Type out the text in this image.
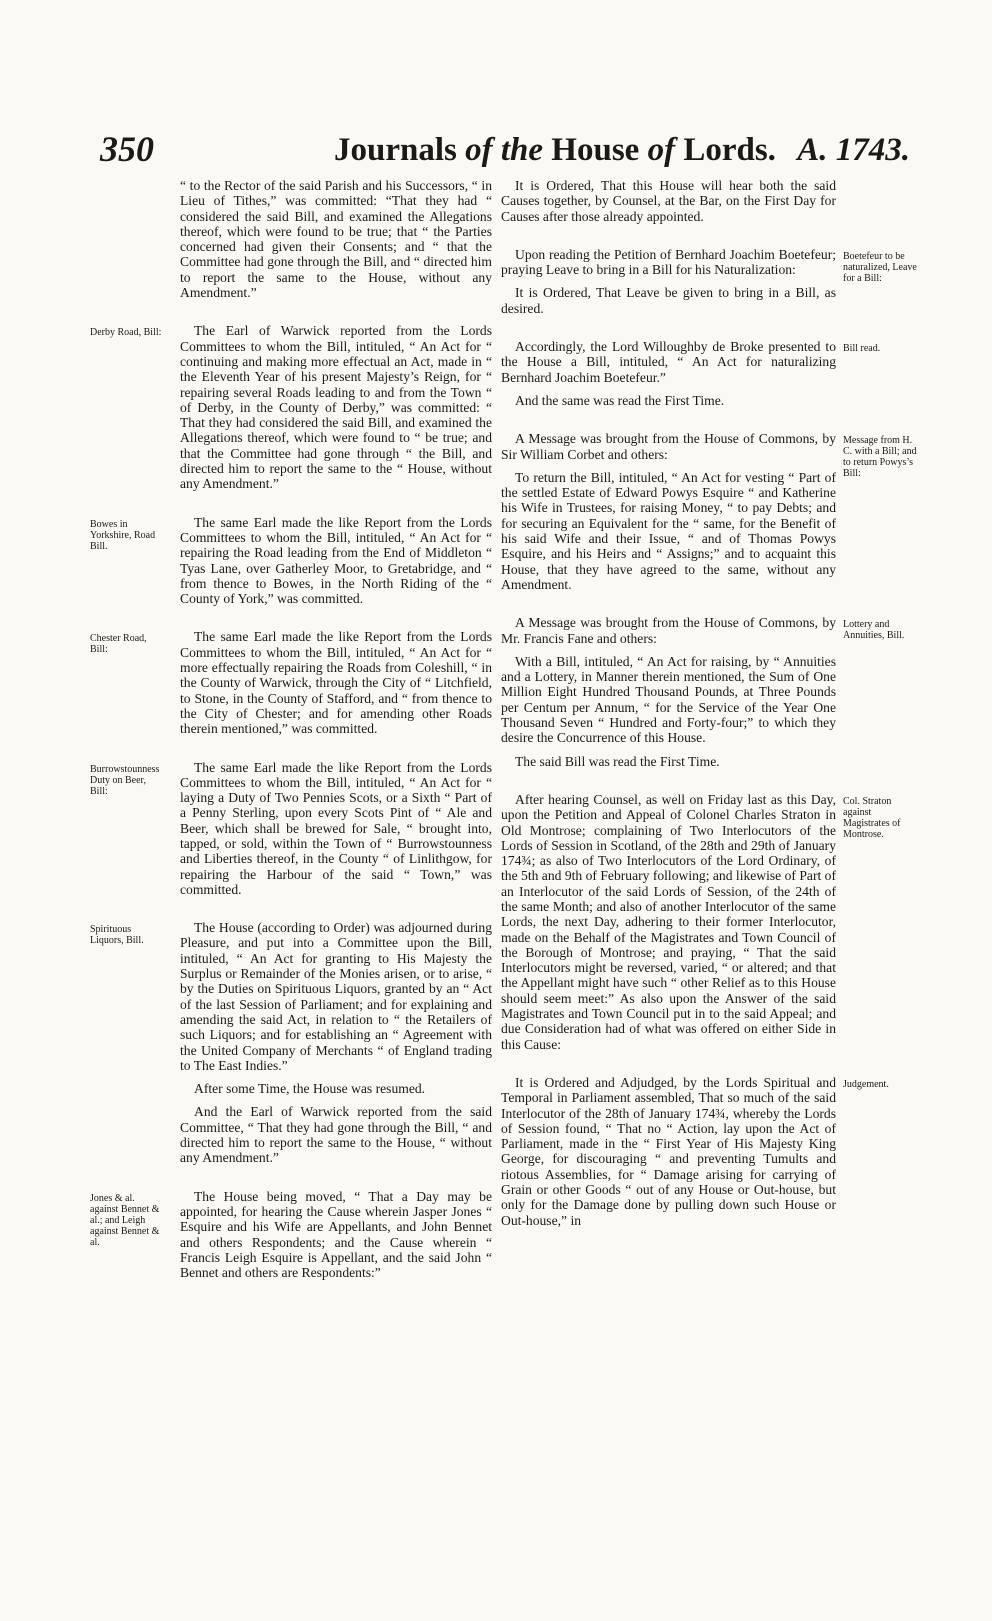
350	Journals of the House of Lords. A. 1743.

“ to the Rector of the said Parish and his Successors, “ in Lieu of Tithes,” was committed: “That they had “ considered the said Bill, and examined the Allegations thereof, which were found to be true; that “ the Parties concerned had given their Consents; and “ that the Committee had gone through the Bill, and “ directed him to report the same to the House, without any Amendment.”

Derby Road, Bill:	The Earl of Warwick reported from the Lords Committees to whom the Bill, intituled, “ An Act for “ continuing and making more effectual an Act, made in “ the Eleventh Year of his present Majesty’s Reign, for “ repairing several Roads leading to and from the Town “ of Derby, in the County of Derby,” was committed: “ That they had considered the said Bill, and examined the Allegations thereof, which were found to “ be true; and that the Committee had gone through “ the Bill, and directed him to report the same to the “ House, without any Amendment.”

Bowes in Yorkshire, Road Bill.

The same Earl made the like Report from the Lords Committees to whom the Bill, intituled, “ An Act for “ repairing the Road leading from the End of Middleton “ Tyas Lane, over Gatherley Moor, to Gretabridge, and “ from thence to Bowes, in the North Riding of the “ County of York,” was committed.

Chester Road, Bill:

The same Earl made the like Report from the Lords Committees to whom the Bill, intituled, “ An Act for “ more effectually repairing the Roads from Coleshill, “ in the County of Warwick, through the City of “ Litchfield, to Stone, in the County of Stafford, and “ from thence to the City of Chester; and for amending other Roads therein mentioned,” was committed.

Burrowstounness Duty on Beer, Bill:

The same Earl made the like Report from the Lords Committees to whom the Bill, intituled, “ An Act for “ laying a Duty of Two Pennies Scots, or a Sixth “ Part of a Penny Sterling, upon every Scots Pint of “ Ale and Beer, which shall be brewed for Sale, “ brought into, tapped, or sold, within the Town of “ Burrowstounness and Liberties thereof, in the County “ of Linlithgow, for repairing the Harbour of the said “ Town,” was committed.

Spirituous Liquors, Bill.

The House (according to Order) was adjourned during Pleasure, and put into a Committee upon the Bill, intituled, “ An Act for granting to His Majesty the Surplus or Remainder of the Monies arisen, or to arise, “ by the Duties on Spirituous Liquors, granted by an “ Act of the last Session of Parliament; and for explaining and amending the said Act, in relation to “ the Retailers of such Liquors; and for establishing an “ Agreement with the United Company of Merchants “ of England trading to The East Indies.”

After some Time, the House was resumed.

And the Earl of Warwick reported from the said Committee, “ That they had gone through the Bill, “ and directed him to report the same to the House, “ without any Amendment.”

Jones & al. against Bennet & al.; and Leigh against Bennet & al.

The House being moved, “ That a Day may be appointed, for hearing the Cause wherein Jasper Jones “ Esquire and his Wife are Appellants, and John Bennet and others Respondents; and the Cause wherein “ Francis Leigh Esquire is Appellant, and the said John “ Bennet and others are Respondents:”

It is Ordered, That this House will hear both the said Causes together, by Counsel, at the Bar, on the First Day for Causes after those already appointed.

Boetefeur to be naturalized, Leave for a Bill:

Upon reading the Petition of Bernhard Joachim Boetefeur; praying Leave to bring in a Bill for his Naturalization:

It is Ordered, That Leave be given to bring in a Bill, as desired.

Bill read.

Accordingly, the Lord Willoughby de Broke presented to the House a Bill, intituled, “ An Act for naturalizing Bernhard Joachim Boetefeur.”

And the same was read the First Time.

Message from H. C. with a Bill; and to return Powys’s Bill:

A Message was brought from the House of Commons, by Sir William Corbet and others:

To return the Bill, intituled, “ An Act for vesting “ Part of the settled Estate of Edward Powys Esquire “ and Katherine his Wife in Trustees, for raising Money, “ to pay Debts; and for securing an Equivalent for the “ same, for the Benefit of his said Wife and their Issue, “ and of Thomas Powys Esquire, and his Heirs and “ Assigns;” and to acquaint this House, that they have agreed to the same, without any Amendment.

Lottery and Annuities, Bill.

A Message was brought from the House of Commons, by Mr. Francis Fane and others:

With a Bill, intituled, “ An Act for raising, by “ Annuities and a Lottery, in Manner therein mentioned, the Sum of One Million Eight Hundred Thousand Pounds, at Three Pounds per Centum per Annum, “ for the Service of the Year One Thousand Seven “ Hundred and Forty-four;” to which they desire the Concurrence of this House.

The said Bill was read the First Time.

Col. Straton against Magistrates of Montrose.

After hearing Counsel, as well on Friday last as this Day, upon the Petition and Appeal of Colonel Charles Straton in Old Montrose; complaining of Two Interlocutors of the Lords of Session in Scotland, of the 28th and 29th of January 174¾; as also of Two Interlocutors of the Lord Ordinary, of the 5th and 9th of February following; and likewise of Part of an Interlocutor of the said Lords of Session, of the 24th of the same Month; and also of another Interlocutor of the same Lords, the next Day, adhering to their former Interlocutor, made on the Behalf of the Magistrates and Town Council of the Borough of Montrose; and praying, “ That the said Interlocutors might be reversed, varied, “ or altered; and that the Appellant might have such “ other Relief as to this House should seem meet:” As also upon the Answer of the said Magistrates and Town Council put in to the said Appeal; and due Consideration had of what was offered on either Side in this Cause:

Judgement.

It is Ordered and Adjudged, by the Lords Spiritual and Temporal in Parliament assembled, That so much of the said Interlocutor of the 28th of January 174¾, whereby the Lords of Session found, “ That no “ Action, lay upon the Act of Parliament, made in the “ First Year of His Majesty King George, for discouraging “ and preventing Tumults and riotous Assemblies, for “ Damage arising for carrying of Grain or other Goods “ out of any House or Out-house, but only for the Damage done by pulling down such House or Out-house,” in
